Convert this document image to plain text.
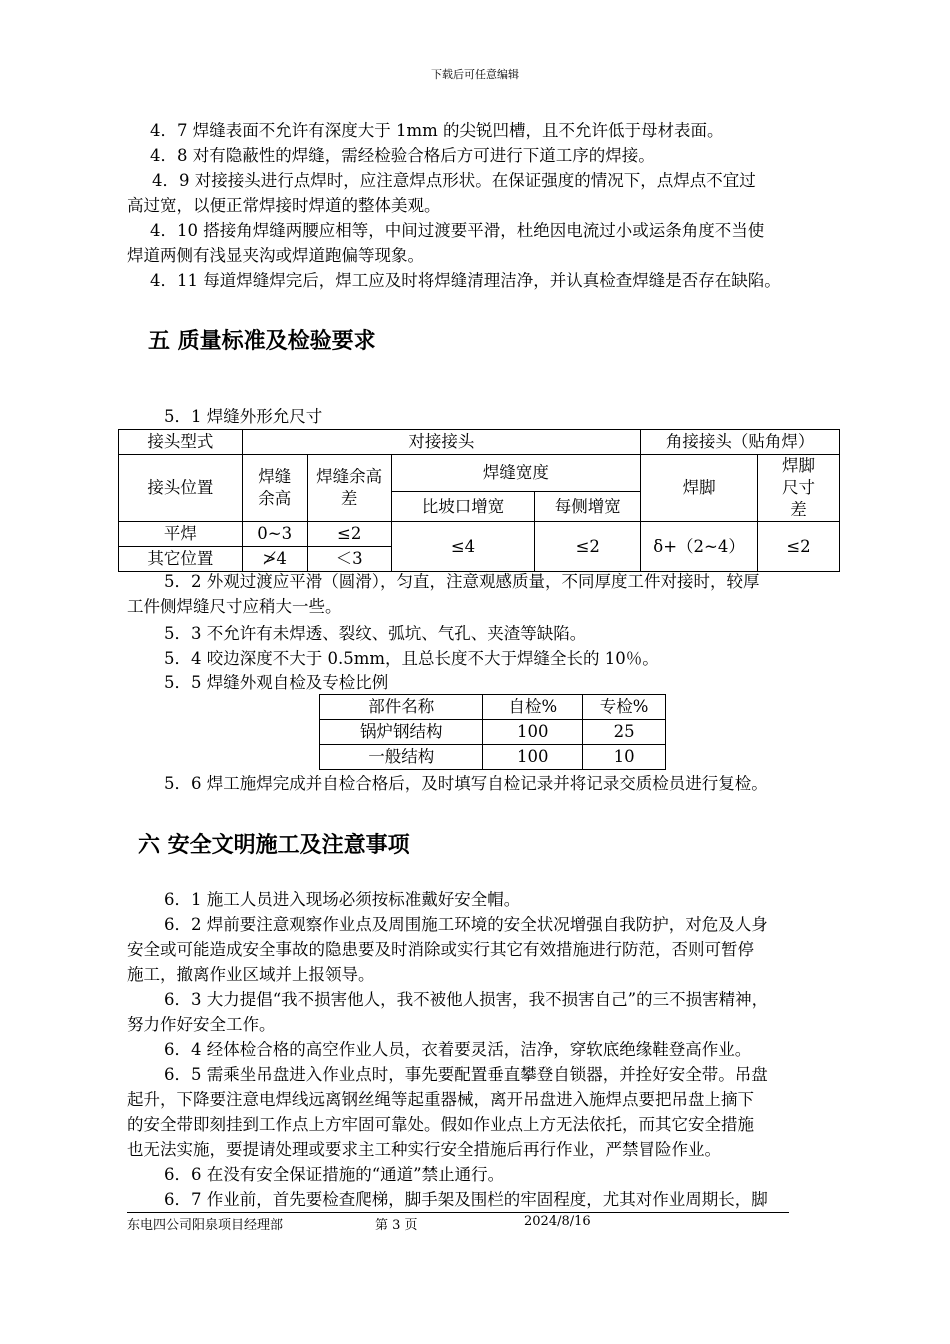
下载后可任意编辑
4．7 焊缝表面不允许有深度大于 1mm 的尖锐凹槽，且不允许低于母材表面。
4．8 对有隐蔽性的焊缝，需经检验合格后方可进行下道工序的焊接。
4．9 对接接头进行点焊时，应注意焊点形状。在保证强度的情况下，点焊点不宜过
高过宽，以便正常焊接时焊道的整体美观。
4．10 搭接角焊缝两腰应相等，中间过渡要平滑，杜绝因电流过小或运条角度不当使
焊道两侧有浅显夹沟或焊道跑偏等现象。
4．11 每道焊缝焊完后，焊工应及时将焊缝清理洁净，并认真检查焊缝是否存在缺陷。
五 质量标准及检验要求
5．1 焊缝外形允尺寸
接头型式	对接接头				角接接头（贴角焊）	
接头位置	焊缝余高	焊缝余高差	焊缝宽度		焊脚	焊脚尺寸差

			比坡口增宽	每侧增宽		
平焊	0~3	≤2	≤4	≤2	δ+（2~4）	≤2
其它位置	≯4	＜3				
5．2 外观过渡应平滑（圆滑），匀直，注意观感质量，不同厚度工件对接时，较厚
工件侧焊缝尺寸应稍大一些。
5．3 不允许有未焊透、裂纹、弧坑、气孔、夹渣等缺陷。
5．4 咬边深度不大于 0.5mm，且总长度不大于焊缝全长的 10％。
5．5 焊缝外观自检及专检比例
部件名称	自检%	专检%
锅炉钢结构	100	25
一般结构	100	10
5．6 焊工施焊完成并自检合格后，及时填写自检记录并将记录交质检员进行复检。
六 安全文明施工及注意事项
6．1 施工人员进入现场必须按标准戴好安全帽。
6．2 焊前要注意观察作业点及周围施工环境的安全状况增强自我防护，对危及人身
安全或可能造成安全事故的隐患要及时消除或实行其它有效措施进行防范，否则可暂停
施工，撤离作业区域并上报领导。
6．3 大力提倡“我不损害他人，我不被他人损害，我不损害自己”的三不损害精神，
努力作好安全工作。
6．4 经体检合格的高空作业人员，衣着要灵活，洁净，穿软底绝缘鞋登高作业。
6．5 需乘坐吊盘进入作业点时，事先要配置垂直攀登自锁器，并拴好安全带。吊盘
起升，下降要注意电焊线远离钢丝绳等起重器械，离开吊盘进入施焊点要把吊盘上摘下
的安全带即刻挂到工作点上方牢固可靠处。假如作业点上方无法依托，而其它安全措施
也无法实施，要提请处理或要求主工种实行安全措施后再行作业，严禁冒险作业。
6．6 在没有安全保证措施的“通道”禁止通行。
6．7 作业前，首先要检查爬梯，脚手架及围栏的牢固程度，尤其对作业周期长，脚
东电四公司阳泉项目经理部	第 3 页	2024/8/16
